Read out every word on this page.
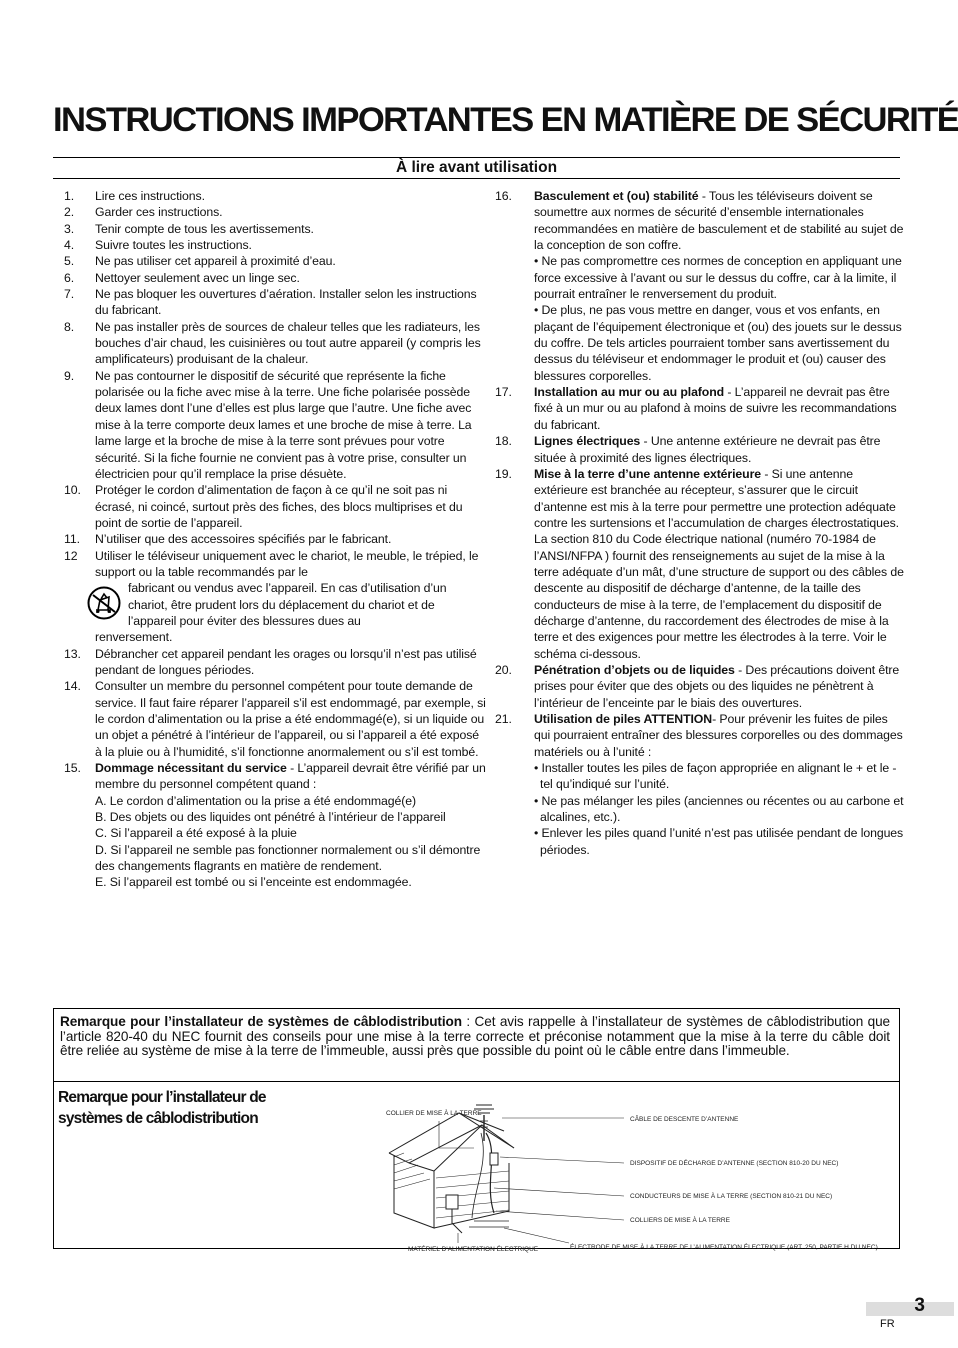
INSTRUCTIONS IMPORTANTES EN MATIÈRE DE SÉCURITÉ
À lire avant utilisation
1.	Lire ces instructions.
2.	Garder ces instructions.
3.	Tenir compte de tous les avertissements.
4.	Suivre toutes les instructions.
5.	Ne pas utiliser cet appareil à proximité d’eau.
6.	Nettoyer seulement avec un linge sec.
7.	Ne pas bloquer les ouvertures d’aération. Installer selon les instructions du fabricant.
8.	Ne pas installer près de sources de chaleur telles que les radiateurs, les bouches d’air chaud, les cuisinières ou tout autre appareil (y compris les amplificateurs) produisant de la chaleur.
9.	Ne pas contourner le dispositif de sécurité que représente la fiche polarisée ou la fiche avec mise à la terre. Une fiche polarisée possède deux lames dont l’une d’elles est plus large que l’autre. Une fiche avec mise à la terre comporte deux lames et une broche de mise à terre. La lame large et la broche de mise à la terre sont prévues pour votre sécurité. Si la fiche fournie ne convient pas à votre prise, consulter un électricien pour qu’il remplace la prise désuète.
10.	Protéger le cordon d’alimentation de façon à ce qu’il ne soit pas ni écrasé, ni coincé, surtout près des fiches, des blocs multiprises et du point de sortie de l’appareil.
11.	N’utiliser que des accessoires spécifiés par le fabricant.
12	Utiliser le téléviseur uniquement avec le chariot, le meuble, le trépied, le support ou la table recommandés par le
fabricant ou vendus avec l’appareil. En cas d’utilisation d’un chariot, être prudent lors du déplacement du chariot et de l’appareil pour éviter des blessures dues au
renversement.
13.	Débrancher cet appareil pendant les orages ou lorsqu’il n’est pas utilisé pendant de longues périodes.
14.	Consulter un membre du personnel compétent pour toute demande de service. Il faut faire réparer l’appareil s’il est endommagé, par exemple, si le cordon d’alimentation ou la prise a été endommagé(e), si un liquide ou un objet a pénétré à l’intérieur de l’appareil, ou si l’appareil a été exposé à la pluie ou à l’humidité, s’il fonctionne anormalement ou s’il est tombé.
15.	Dommage nécessitant du service - L’appareil devrait être vérifié par un membre du personnel compétent quand :
A. Le cordon d’alimentation ou la prise a été endommagé(e)
B. Des objets ou des liquides ont pénétré à l’intérieur de l’appareil
C. Si l’appareil a été exposé à la pluie
D. Si l’appareil ne semble pas fonctionner normalement ou s’il démontre des changements flagrants en matière de rendement.
E. Si l’appareil est tombé ou si l’enceinte est endommagée.
16.	Basculement et (ou) stabilité - Tous les téléviseurs doivent se soumettre aux normes de sécurité d’ensemble internationales recommandées en matière de basculement et de stabilité au sujet de la conception de son coffre.
• Ne pas compromettre ces normes de conception en appliquant une force excessive à l’avant ou sur le dessus du coffre, car à la limite, il pourrait entraîner le renversement du produit.
• De plus, ne pas vous mettre en danger, vous et vos enfants, en plaçant de l’équipement électronique et (ou) des jouets sur le dessus du coffre. De tels articles pourraient tomber sans avertissement du dessus du téléviseur et endommager le produit et (ou) causer des blessures corporelles.
17.	Installation au mur ou au plafond - L’appareil ne devrait pas être fixé à un mur ou au plafond à moins de suivre les recommandations du fabricant.
18.	Lignes électriques - Une antenne extérieure ne devrait pas être située à proximité des lignes électriques.
19.	Mise à la terre d’une antenne extérieure - Si une antenne extérieure est branchée au récepteur, s’assurer que le circuit d’antenne est mis à la terre pour permettre une protection adéquate contre les surtensions et l’accumulation de charges électrostatiques.
La section 810 du Code électrique national (numéro 70-1984 de l’ANSI/NFPA ) fournit des renseignements au sujet de la mise à la terre adéquate d’un mât, d’une structure de support ou des câbles de descente au dispositif de décharge d’antenne, de la taille des conducteurs de mise à la terre, de l’emplacement du dispositif de décharge d’antenne, du raccordement des électrodes de mise à la terre et des exigences pour mettre les électrodes à la terre. Voir le schéma ci-dessous.
20.	Pénétration d’objets ou de liquides - Des précautions doivent être prises pour éviter que des objets ou des liquides ne pénètrent à l’intérieur de l’enceinte par le biais des ouvertures.
21.	Utilisation de piles ATTENTION- Pour prévenir les fuites de piles qui pourraient entraîner des blessures corporelles ou des dommages matériels ou à l’unité :
• Installer toutes les piles de façon appropriée en alignant le + et le - tel qu’indiqué sur l’unité.
• Ne pas mélanger les piles (anciennes ou récentes ou au carbone et alcalines, etc.).
• Enlever les piles quand l’unité n’est pas utilisée pendant de longues périodes.
Remarque pour l’installateur de systèmes de câblodistribution : Cet avis rappelle à l’installateur de systèmes de câblodistribution que l’article 820-40 du NEC fournit des conseils pour une mise à la terre correcte et préconise notamment que la mise à la terre du câble doit être reliée au système de mise à la terre de l’immeuble, aussi près que possible du point où le câble entre dans l’immeuble.
Remarque pour l’installateur de systèmes de câblodistribution	COLLIER DE MISE À LA TERRE
CÂBLE DE DESCENTE D’ANTENNE
DISPOSITIF DE DÉCHARGE D’ANTENNE (SECTION 810-20 DU NEC)
CONDUCTEURS DE MISE À LA TERRE (SECTION 810-21 DU NEC)
COLLIERS DE MISE À LA TERRE
MATÉRIEL D’ALIMENTATION ÉLECTRIQUE	ÉLECTRODE DE MISE À LA TERRE DE L’ALIMENTATION ÉLECTRIQUE (ART. 250, PARTIE H DU NEC)
3
FR
